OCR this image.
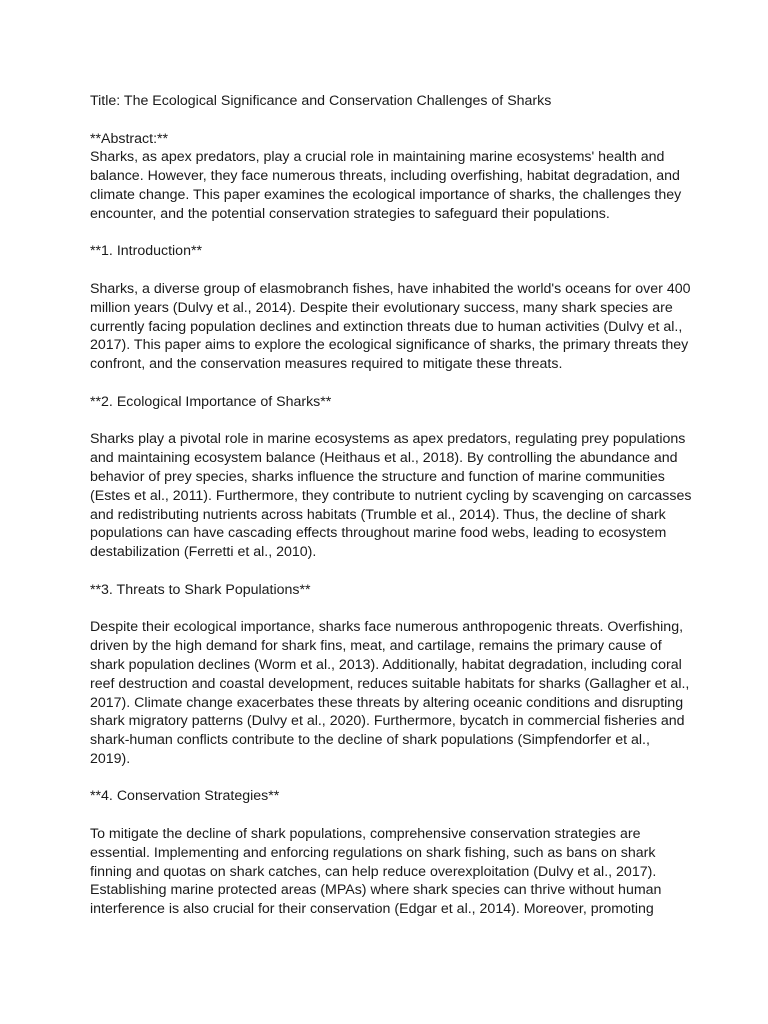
Title: The Ecological Significance and Conservation Challenges of Sharks
**Abstract:**
Sharks, as apex predators, play a crucial role in maintaining marine ecosystems' health and
balance. However, they face numerous threats, including overfishing, habitat degradation, and
climate change. This paper examines the ecological importance of sharks, the challenges they
encounter, and the potential conservation strategies to safeguard their populations.
**1. Introduction**
Sharks, a diverse group of elasmobranch fishes, have inhabited the world's oceans for over 400
million years (Dulvy et al., 2014). Despite their evolutionary success, many shark species are
currently facing population declines and extinction threats due to human activities (Dulvy et al.,
2017). This paper aims to explore the ecological significance of sharks, the primary threats they
confront, and the conservation measures required to mitigate these threats.
**2. Ecological Importance of Sharks**
Sharks play a pivotal role in marine ecosystems as apex predators, regulating prey populations
and maintaining ecosystem balance (Heithaus et al., 2018). By controlling the abundance and
behavior of prey species, sharks influence the structure and function of marine communities
(Estes et al., 2011). Furthermore, they contribute to nutrient cycling by scavenging on carcasses
and redistributing nutrients across habitats (Trumble et al., 2014). Thus, the decline of shark
populations can have cascading effects throughout marine food webs, leading to ecosystem
destabilization (Ferretti et al., 2010).
**3. Threats to Shark Populations**
Despite their ecological importance, sharks face numerous anthropogenic threats. Overfishing,
driven by the high demand for shark fins, meat, and cartilage, remains the primary cause of
shark population declines (Worm et al., 2013). Additionally, habitat degradation, including coral
reef destruction and coastal development, reduces suitable habitats for sharks (Gallagher et al.,
2017). Climate change exacerbates these threats by altering oceanic conditions and disrupting
shark migratory patterns (Dulvy et al., 2020). Furthermore, bycatch in commercial fisheries and
shark-human conflicts contribute to the decline of shark populations (Simpfendorfer et al.,
2019).
**4. Conservation Strategies**
To mitigate the decline of shark populations, comprehensive conservation strategies are
essential. Implementing and enforcing regulations on shark fishing, such as bans on shark
finning and quotas on shark catches, can help reduce overexploitation (Dulvy et al., 2017).
Establishing marine protected areas (MPAs) where shark species can thrive without human
interference is also crucial for their conservation (Edgar et al., 2014). Moreover, promoting
